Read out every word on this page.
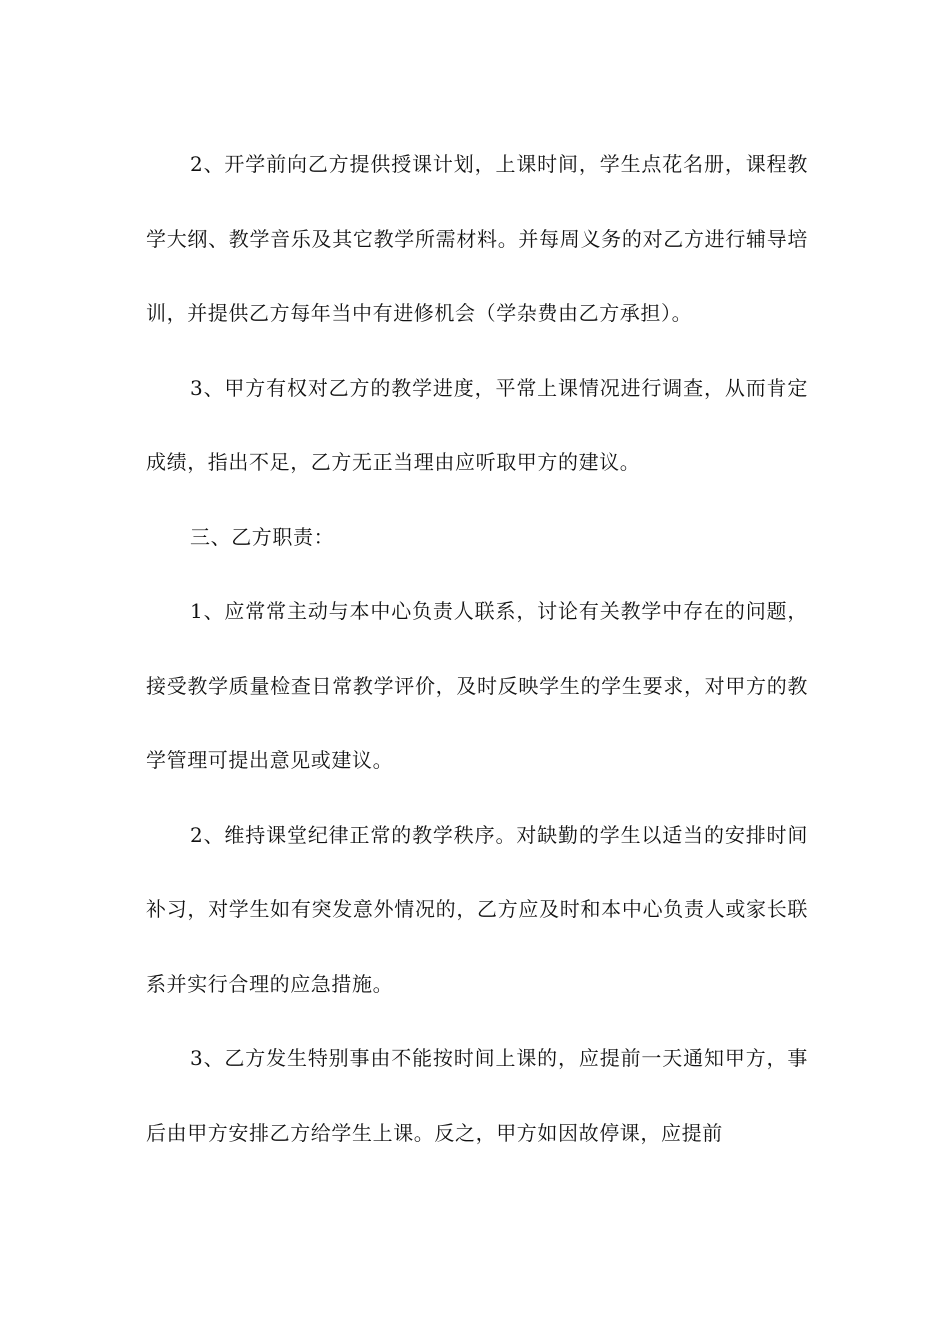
2、开学前向乙方提供授课计划，上课时间，学生点花名册，课程教学大纲、教学音乐及其它教学所需材料。并每周义务的对乙方进行辅导培训，并提供乙方每年当中有进修机会（学杂费由乙方承担）。

3、甲方有权对乙方的教学进度，平常上课情况进行调查，从而肯定成绩，指出不足，乙方无正当理由应听取甲方的建议。

三、乙方职责：

1、应常常主动与本中心负责人联系，讨论有关教学中存在的问题，接受教学质量检查日常教学评价，及时反映学生的学生要求，对甲方的教学管理可提出意见或建议。

2、维持课堂纪律正常的教学秩序。对缺勤的学生以适当的安排时间补习，对学生如有突发意外情况的，乙方应及时和本中心负责人或家长联系并实行合理的应急措施。

3、乙方发生特别事由不能按时间上课的，应提前一天通知甲方，事后由甲方安排乙方给学生上课。反之，甲方如因故停课，应提前
